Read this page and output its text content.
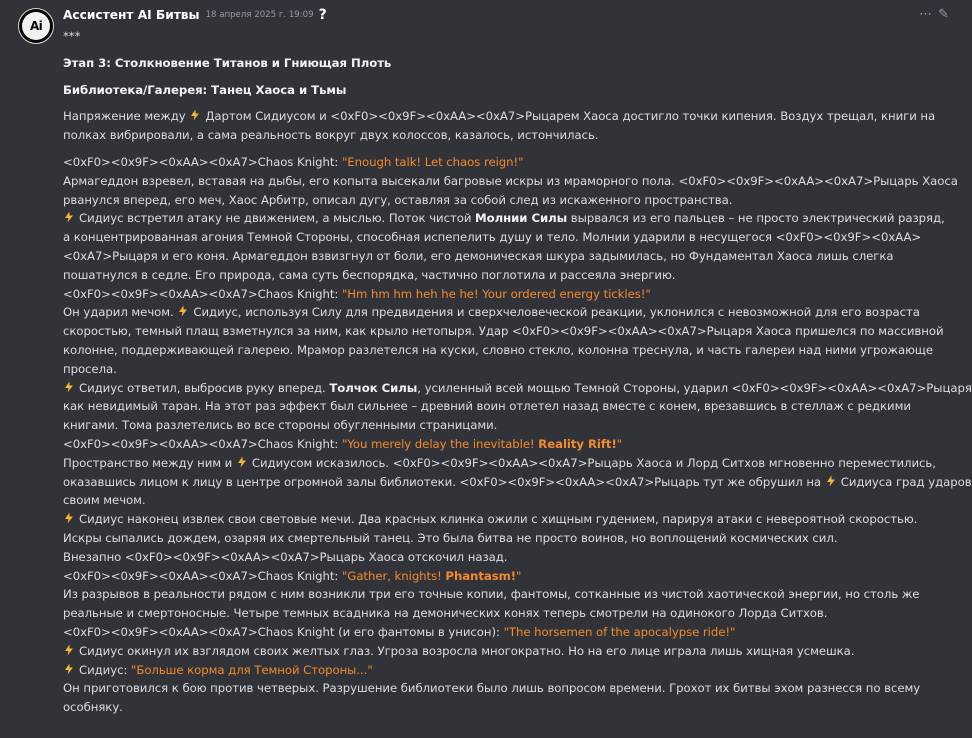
Ai
Ассистент AI Битвы 18 апреля 2025 г. 19:09 ?	⋯ ✎
***
Этап 3: Столкновение Титанов и Гниющая Плоть
Библиотека/Галерея: Танец Хаоса и Тьмы
Напряжение между
Дартом Сидиусом и <0xF0><0x9F><0xAA><0xA7>Рыцарем Хаоса достигло точки кипения. Воздух трещал, книги на
полках вибрировали, а сама реальность вокруг двух колоссов, казалось, истончилась.
<0xF0><0x9F><0xAA><0xA7>Chaos Knight: "Enough talk! Let chaos reign!"
Армагеддон взревел, вставая на дыбы, его копыта высекали багровые искры из мраморного пола. <0xF0><0x9F><0xAA><0xA7>Рыцарь Хаоса
рванулся вперед, его меч, Хаос Арбитр, описал дугу, оставляя за собой след из искаженного пространства.
Сидиус встретил атаку не движением, а мыслью. Поток чистой Молнии Силы вырвался из его пальцев – не просто электрический разряд,
а концентрированная агония Темной Стороны, способная испепелить душу и тело. Молнии ударили в несущегося <0xF0><0x9F><0xAA>
<0xA7>Рыцаря и его коня. Армагеддон взвизгнул от боли, его демоническая шкура задымилась, но Фундаментал Хаоса лишь слегка
пошатнулся в седле. Его природа, сама суть беспорядка, частично поглотила и рассеяла энергию.
<0xF0><0x9F><0xAA><0xA7>Chaos Knight: "Hm hm hm heh he he! Your ordered energy tickles!"
Он ударил мечом.
Сидиус, используя Силу для предвидения и сверхчеловеческой реакции, уклонился с невозможной для его возраста
скоростью, темный плащ взметнулся за ним, как крыло нетопыря. Удар <0xF0><0x9F><0xAA><0xA7>Рыцаря Хаоса пришелся по массивной
колонне, поддерживающей галерею. Мрамор разлетелся на куски, словно стекло, колонна треснула, и часть галереи над ними угрожающе
просела.
Сидиус ответил, выбросив руку вперед. Толчок Силы, усиленный всей мощью Темной Стороны, ударил <0xF0><0x9F><0xAA><0xA7>Рыцаря
как невидимый таран. На этот раз эффект был сильнее – древний воин отлетел назад вместе с конем, врезавшись в стеллаж с редкими
книгами. Тома разлетелись во все стороны обугленными страницами.
<0xF0><0x9F><0xAA><0xA7>Chaos Knight: "You merely delay the inevitable! Reality Rift!"
Пространство между ним и
Сидиусом исказилось. <0xF0><0x9F><0xAA><0xA7>Рыцарь Хаоса и Лорд Ситхов мгновенно переместились,
оказавшись лицом к лицу в центре огромной залы библиотеки. <0xF0><0x9F><0xAA><0xA7>Рыцарь тут же обрушил на
Сидиуса град ударов
своим мечом.
Сидиус наконец извлек свои световые мечи. Два красных клинка ожили с хищным гудением, парируя атаки с невероятной скоростью.
Искры сыпались дождем, озаряя их смертельный танец. Это была битва не просто воинов, но воплощений космических сил.
Внезапно <0xF0><0x9F><0xAA><0xA7>Рыцарь Хаоса отскочил назад.
<0xF0><0x9F><0xAA><0xA7>Chaos Knight: "Gather, knights! Phantasm!"
Из разрывов в реальности рядом с ним возникли три его точные копии, фантомы, сотканные из чистой хаотической энергии, но столь же
реальные и смертоносные. Четыре темных всадника на демонических конях теперь смотрели на одинокого Лорда Ситхов.
<0xF0><0x9F><0xAA><0xA7>Chaos Knight (и его фантомы в унисон): "The horsemen of the apocalypse ride!"
Сидиус окинул их взглядом своих желтых глаз. Угроза возросла многократно. Но на его лице играла лишь хищная усмешка.
Сидиус: "Больше корма для Темной Стороны..."
Он приготовился к бою против четверых. Разрушение библиотеки было лишь вопросом времени. Грохот их битвы эхом разнесся по всему
особняку.
